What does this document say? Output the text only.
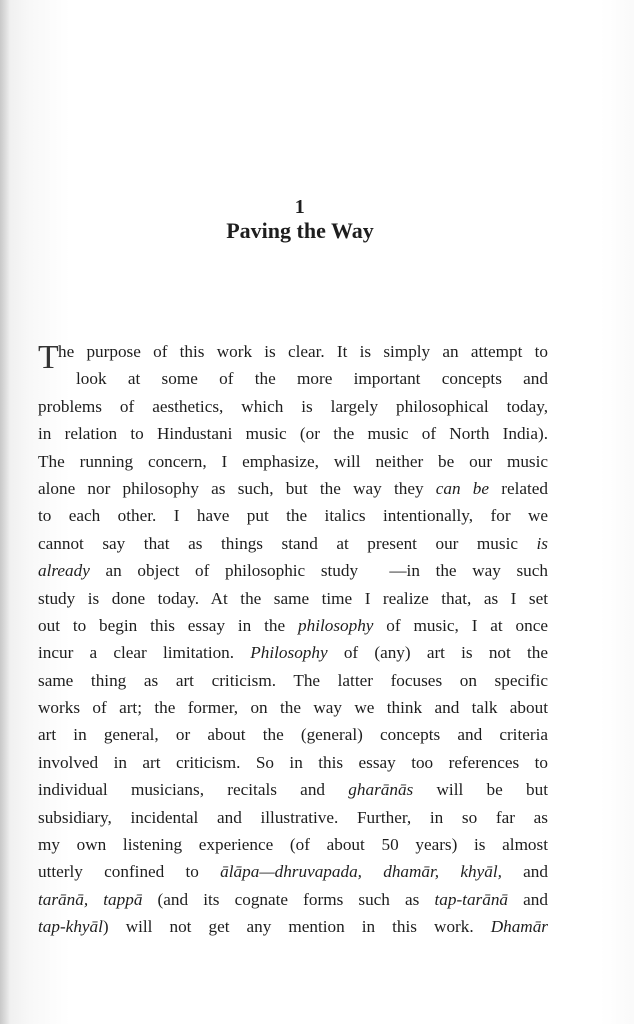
1
Paving the Way
T he purpose of this work is clear. It is simply an attempt to
look at some of the more important concepts and
problems of aesthetics, which is largely philosophical today,
in relation to Hindustani music (or the music of North India).
The running concern, I emphasize, will neither be our music
alone nor philosophy as such, but the way they can be related
to each other. I have put the italics intentionally, for we
cannot say that as things stand at present our music is
already an object of philosophic study  —in the way such
study is done today. At the same time I realize that, as I set
out to begin this essay in the philosophy of music, I at once
incur a clear limitation. Philosophy of (any) art is not the
same thing as art criticism. The latter focuses on specific
works of art; the former, on the way we think and talk about
art in general, or about the (general) concepts and criteria
involved in art criticism. So in this essay too references to
individual musicians, recitals and gharānās will be but
subsidiary, incidental and illustrative. Further, in so far as
my own listening experience (of about 50 years) is almost
utterly confined to ālāpa—dhruvapada, dhamār, khyāl, and
tarānā, tappā (and its cognate forms such as tap-tarānā and
tap-khyāl) will not get any mention in this work. Dhamār
